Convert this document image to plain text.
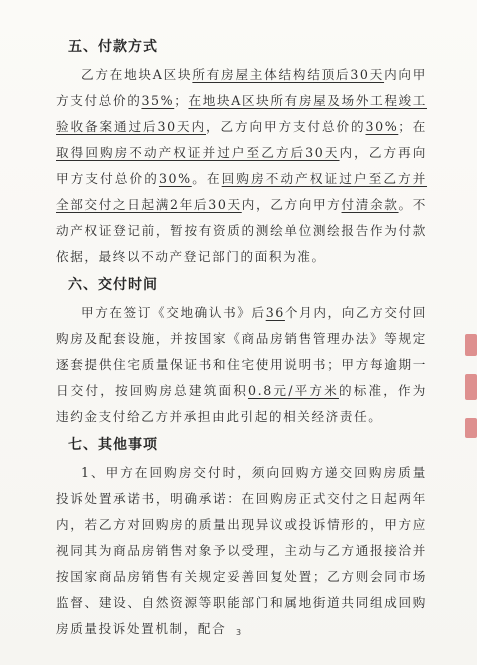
五、付款方式

乙方在地块A区块所有房屋主体结构结顶后30天内向甲方支付总价的35%；在地块A区块所有房屋及场外工程竣工验收备案通过后30天内，乙方向甲方支付总价的30%；在取得回购房不动产权证并过户至乙方后30天内，乙方再向甲方支付总价的30%。在回购房不动产权证过户至乙方并全部交付之日起满2年后30天内，乙方向甲方付清余款。不动产权证登记前，暂按有资质的测绘单位测绘报告作为付款依据，最终以不动产登记部门的面积为准。

六、交付时间

甲方在签订《交地确认书》后36个月内，向乙方交付回购房及配套设施，并按国家《商品房销售管理办法》等规定逐套提供住宅质量保证书和住宅使用说明书；甲方每逾期一日交付，按回购房总建筑面积0.8元/平方米的标准，作为违约金支付给乙方并承担由此引起的相关经济责任。

七、其他事项

1、甲方在回购房交付时，须向回购方递交回购房质量投诉处置承诺书，明确承诺：在回购房正式交付之日起两年内，若乙方对回购房的质量出现异议或投诉情形的，甲方应视同其为商品房销售对象予以受理，主动与乙方通报接洽并按国家商品房销售有关规定妥善回复处置；乙方则会同市场监督、建设、自然资源等职能部门和属地街道共同组成回购房质量投诉处置机制，配合	3
